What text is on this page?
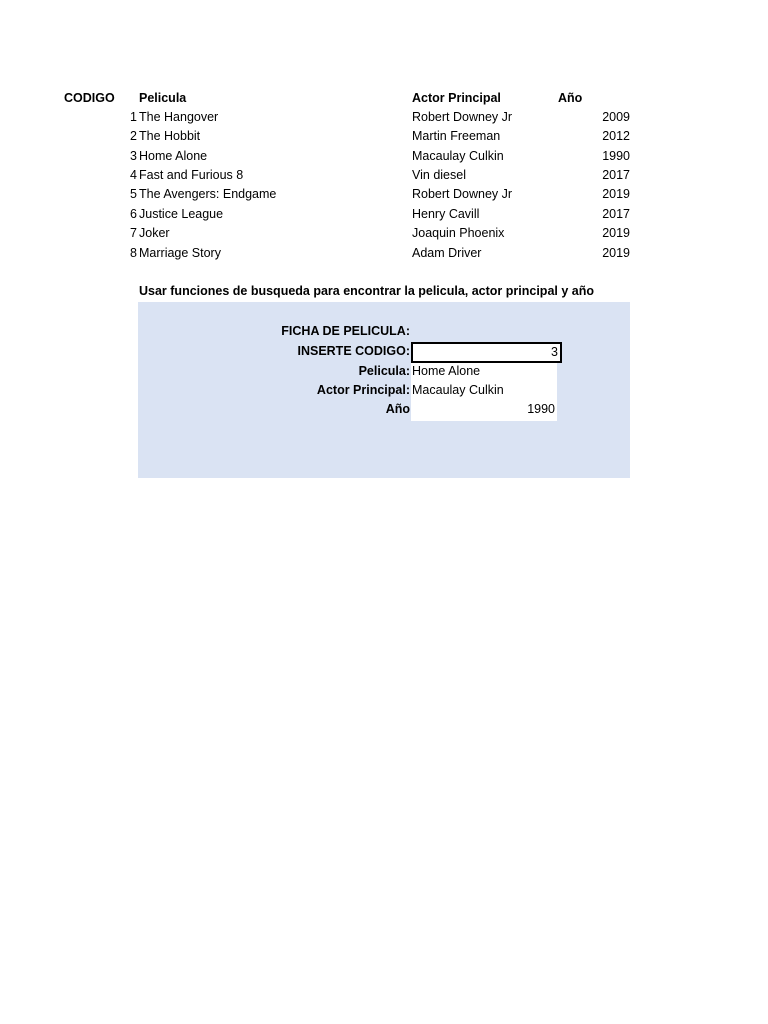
CODIGO Pelicula	Actor Principal	Año
1 The Hangover	Robert Downey Jr	2009
2 The Hobbit	Martin Freeman	2012
3 Home Alone	Macaulay Culkin	1990
4 Fast and Furious 8	Vin diesel	2017
5 The Avengers: Endgame	Robert Downey Jr	2019
6 Justice League	Henry Cavill	2017
7 Joker	Joaquin Phoenix	2019
8 Marriage Story	Adam Driver	2019
Usar funciones de busqueda para encontrar la pelicula, actor principal y año
FICHA DE PELICULA:
INSERTE CODIGO:	3
Pelicula: Home Alone
Actor Principal: Macaulay Culkin
Año	1990
